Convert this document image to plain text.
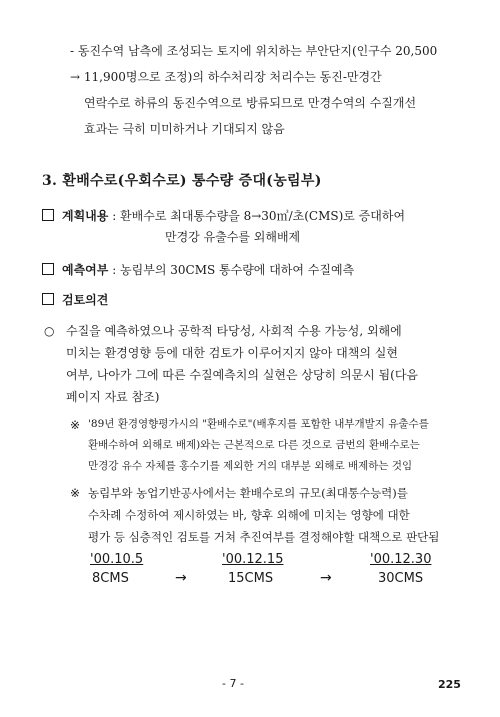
- 동진수역 남측에 조성되는 토지에 위치하는 부안단지(인구수 20,500
→ 11,900명으로 조정)의 하수처리장 처리수는 동진-만경간
연락수로 하류의 동진수역으로 방류되므로 만경수역의 수질개선
효과는 극히 미미하거나 기대되지 않음
3. 환배수로(우회수로) 통수량 증대(농림부)
계획내용 : 환배수로 최대통수량을 8→30㎥/초(CMS)로 증대하여
만경강 유출수를 외해배제
예측여부 : 농림부의 30CMS 통수량에 대하여 수질예측
검토의견
○ 수질을 예측하였으나 공학적 타당성, 사회적 수용 가능성, 외해에
미치는 환경영향 등에 대한 검토가 이루어지지 않아 대책의 실현
여부, 나아가 그에 따른 수질예측치의 실현은 상당히 의문시 됨(다음
페이지 자료 참조)
※ '89년 환경영향평가시의 "환배수로"(배후지를 포함한 내부개발지 유출수를
환배수하여 외해로 배제)와는 근본적으로 다른 것으로 금번의 환배수로는
만경강 유수 자체를 홍수기를 제외한 거의 대부분 외해로 배제하는 것임
※ 농림부와 농업기반공사에서는 환배수로의 규모(최대통수능력)를
수차례 수정하여 제시하였는 바, 향후 외해에 미치는 영향에 대한
평가 등 심층적인 검토를 거쳐 추진여부를 결정해야할 대책으로 판단됨
'00.10.5
8CMS	→
'00.12.15
15CMS	→
'00.12.30
30CMS
- 7 -	225
